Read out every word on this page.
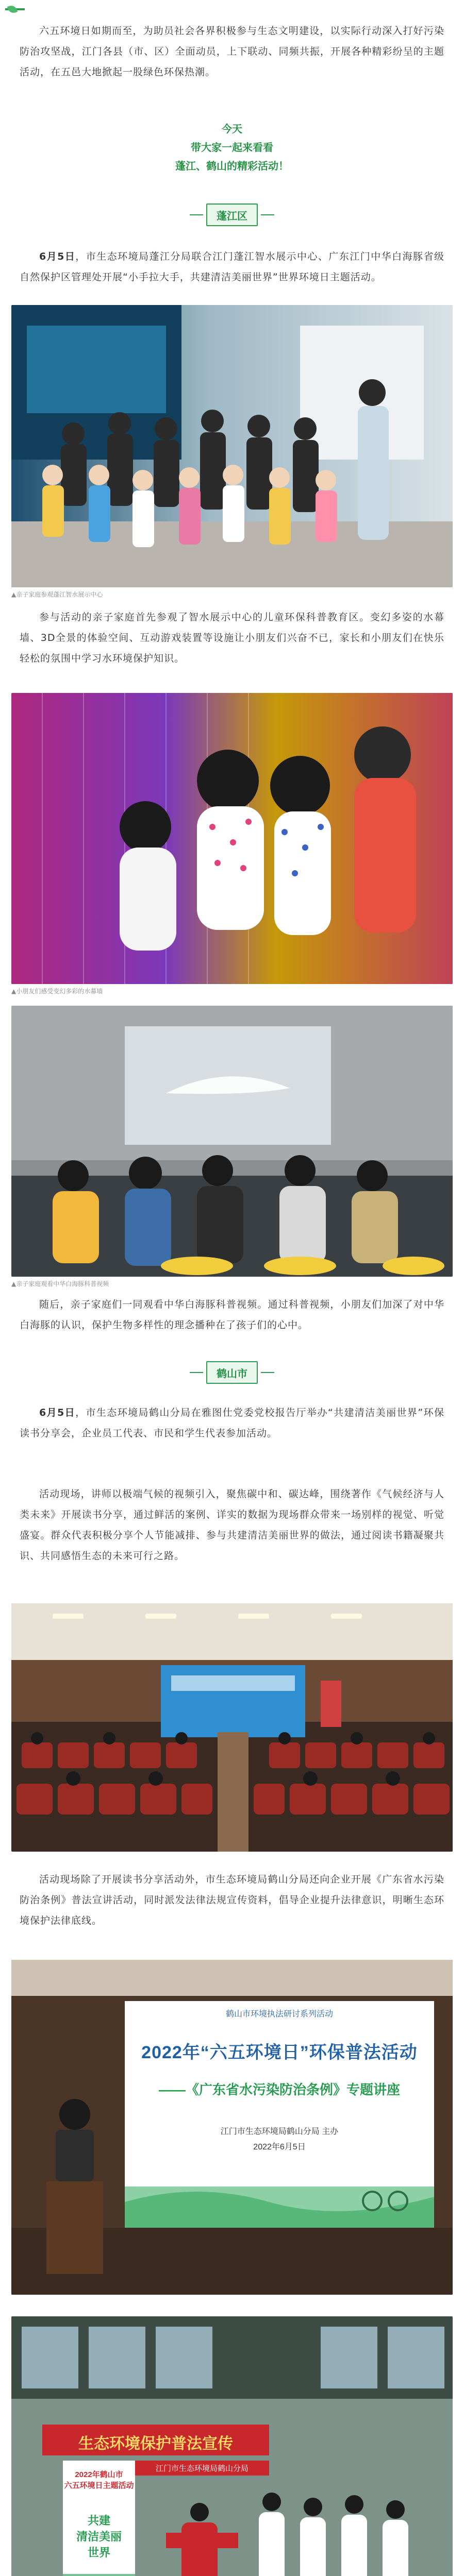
六五环境日如期而至，为助员社会各界积极参与生态文明建设，以实际行动深入打好污染防治攻坚战，江门各县（市、区）全面动员，上下联动、同频共振，开展各种精彩纷呈的主题活动，在五邑大地掀起一股绿色环保热潮。

今天
带大家一起来看看
蓬江、鹤山的精彩活动！
蓬江区

6月5日，市生态环境局蓬江分局联合江门蓬江智水展示中心、广东江门中华白海豚省级自然保护区管理处开展“小手拉大手，共建清洁美丽世界”世界环境日主题活动。

▲亲子家庭参观蓬江智水展示中心

参与活动的亲子家庭首先参观了智水展示中心的儿童环保科普教育区。变幻多姿的水幕墙、3D全景的体验空间、互动游戏装置等设施让小朋友们兴奋不已，家长和小朋友们在快乐轻松的氛围中学习水环境保护知识。

▲小朋友们感受变幻多彩的水幕墙
▲亲子家庭观看中华白海豚科普视频

随后，亲子家庭们一同观看中华白海豚科普视频。通过科普视频，小朋友们加深了对中华白海豚的认识，保护生物多样性的理念播种在了孩子们的心中。

鹤山市

6月5日，市生态环境局鹤山分局在雅图仕党委党校报告厅举办“共建清洁美丽世界”环保读书分享会，企业员工代表、市民和学生代表参加活动。

活动现场，讲师以极端气候的视频引入，聚焦碳中和、碳达峰，围绕著作《气候经济与人类未来》开展读书分享，通过鲜活的案例、详实的数据为现场群众带来一场别样的视觉、听觉盛宴。群众代表积极分享个人节能减排、参与共建清洁美丽世界的做法，通过阅读书籍凝聚共识、共同感悟生态的未来可行之路。

活动现场除了开展读书分享活动外，市生态环境局鹤山分局还向企业开展《广东省水污染防治条例》普法宣讲活动，同时派发法律法规宣传资料，倡导企业提升法律意识，明晰生态环境保护法律底线。

鹤山市环境执法研讨系列活动
2022年“六五环境日”环保普法活动
——《广东省水污染防治条例》专题讲座
江门市生态环境局鹤山分局 主办
2022年6月5日
生态环境保护普法宣传
江门市生态环境局鹤山分局
2022年鹤山市
六五环境日主题活动
共建
清洁美丽
世界
